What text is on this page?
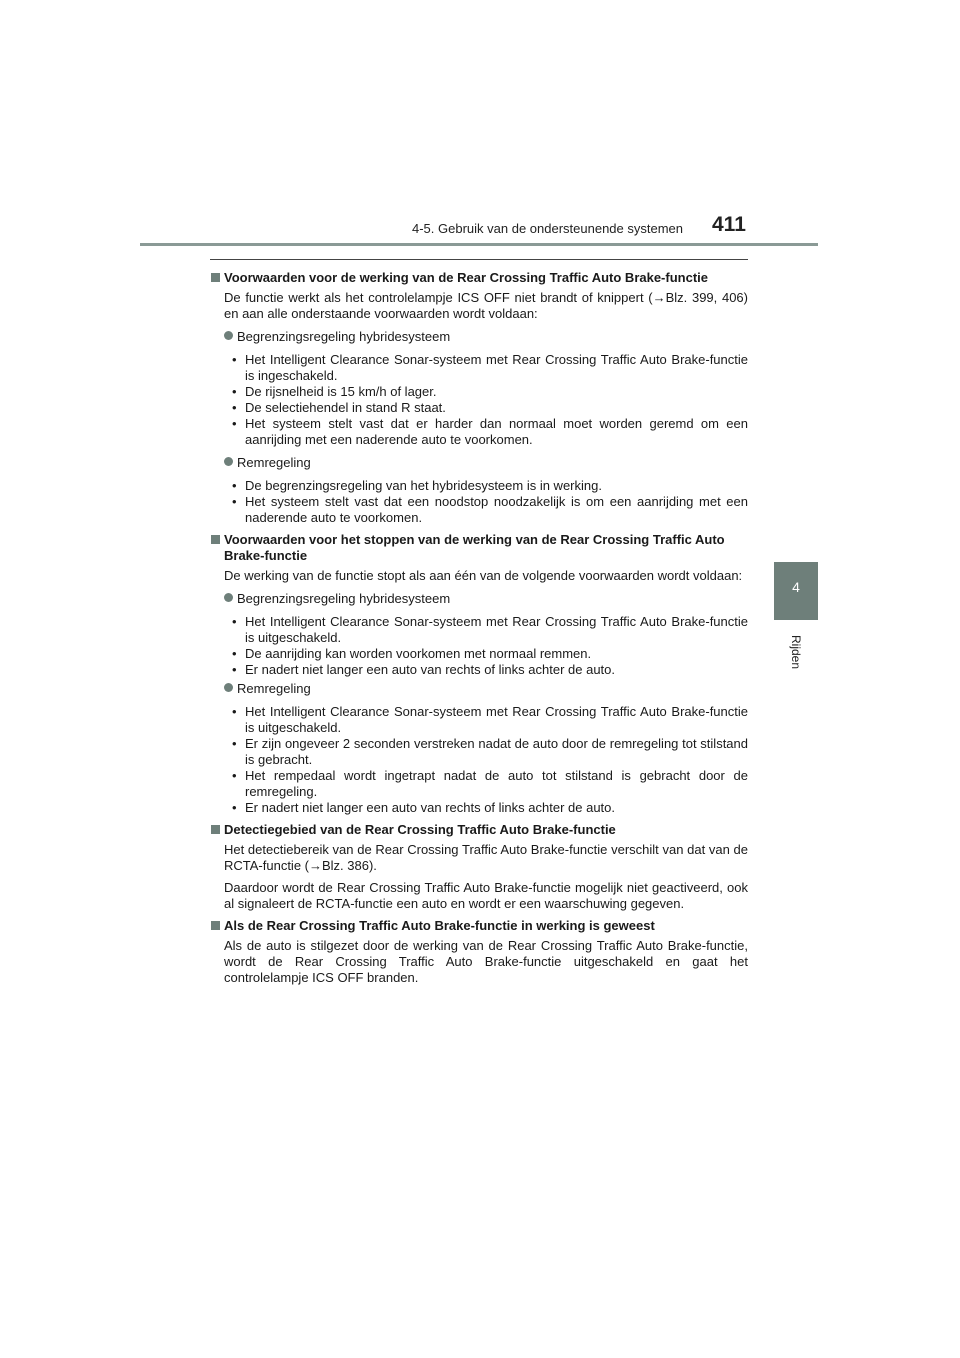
4-5. Gebruik van de ondersteunende systemen 411
4
Rijden
Voorwaarden voor de werking van de Rear Crossing Traffic Auto Brake-functie
De functie werkt als het controlelampje ICS OFF niet brandt of knippert (→Blz. 399, 406) en aan alle onderstaande voorwaarden wordt voldaan:
Begrenzingsregeling hybridesysteem
• Het Intelligent Clearance Sonar-systeem met Rear Crossing Traffic Auto Brake-functie is ingeschakeld.
• De rijsnelheid is 15 km/h of lager.
• De selectiehendel in stand R staat.
• Het systeem stelt vast dat er harder dan normaal moet worden geremd om een aanrijding met een naderende auto te voorkomen.
Remregeling
• De begrenzingsregeling van het hybridesysteem is in werking.
• Het systeem stelt vast dat een noodstop noodzakelijk is om een aanrijding met een naderende auto te voorkomen.
Voorwaarden voor het stoppen van de werking van de Rear Crossing Traffic Auto Brake-functie
De werking van de functie stopt als aan één van de volgende voorwaarden wordt voldaan:
Begrenzingsregeling hybridesysteem
• Het Intelligent Clearance Sonar-systeem met Rear Crossing Traffic Auto Brake-functie is uitgeschakeld.
• De aanrijding kan worden voorkomen met normaal remmen.
• Er nadert niet langer een auto van rechts of links achter de auto.
Remregeling
• Het Intelligent Clearance Sonar-systeem met Rear Crossing Traffic Auto Brake-functie is uitgeschakeld.
• Er zijn ongeveer 2 seconden verstreken nadat de auto door de remregeling tot stilstand is gebracht.
• Het rempedaal wordt ingetrapt nadat de auto tot stilstand is gebracht door de remregeling.
• Er nadert niet langer een auto van rechts of links achter de auto.
Detectiegebied van de Rear Crossing Traffic Auto Brake-functie
Het detectiebereik van de Rear Crossing Traffic Auto Brake-functie verschilt van dat van de RCTA-functie (→Blz. 386).
Daardoor wordt de Rear Crossing Traffic Auto Brake-functie mogelijk niet geactiveerd, ook al signaleert de RCTA-functie een auto en wordt er een waarschuwing gegeven.
Als de Rear Crossing Traffic Auto Brake-functie in werking is geweest
Als de auto is stilgezet door de werking van de Rear Crossing Traffic Auto Brake-functie, wordt de Rear Crossing Traffic Auto Brake-functie uitgeschakeld en gaat het controlelampje ICS OFF branden.
